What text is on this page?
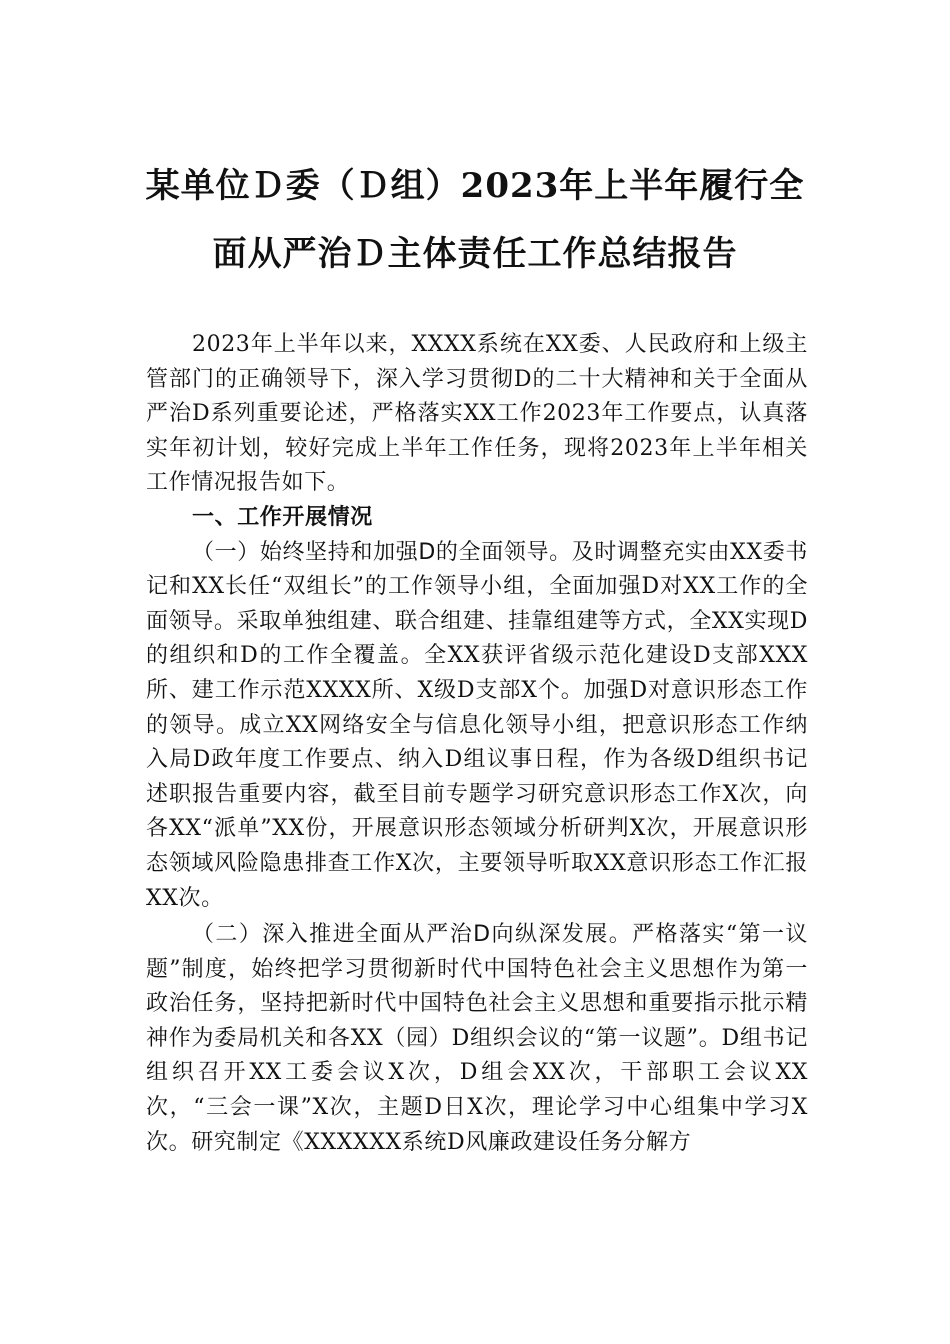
某单位Ｄ委（Ｄ组）2023年上半年履行全
面从严治Ｄ主体责任工作总结报告

2023年上半年以来，XXXX系统在XX委、人民政府和上级主管部门的正确领导下，深入学习贯彻D的二十大精神和关于全面从严治D系列重要论述，严格落实XX工作2023年工作要点，认真落实年初计划，较好完成上半年工作任务，现将2023年上半年相关工作情况报告如下。

一、工作开展情况

（一）始终坚持和加强D的全面领导。及时调整充实由XX委书记和XX长任“双组长”的工作领导小组，全面加强D对XX工作的全面领导。采取单独组建、联合组建、挂靠组建等方式，全XX实现D的组织和D的工作全覆盖。全XX获评省级示范化建设D支部XXX所、建工作示范XXXX所、X级D支部X个。加强D对意识形态工作的领导。成立XX网络安全与信息化领导小组，把意识形态工作纳入局D政年度工作要点、纳入D组议事日程，作为各级D组织书记述职报告重要内容，截至目前专题学习研究意识形态工作X次，向各XX“派单”XX份，开展意识形态领域分析研判X次，开展意识形态领域风险隐患排查工作X次，主要领导听取XX意识形态工作汇报XX次。

（二）深入推进全面从严治D向纵深发展。严格落实“第一议题”制度，始终把学习贯彻新时代中国特色社会主义思想作为第一政治任务，坚持把新时代中国特色社会主义思想和重要指示批示精神作为委局机关和各XX（园）D组织会议的“第一议题”。D组书记组织召开XX工委会议X次，D组会XX次，干部职工会议XX次，“三会一课”X次，主题D日X次，理论学习中心组集中学习X次。研究制定《XXXXXX系统D风廉政建设任务分解方
